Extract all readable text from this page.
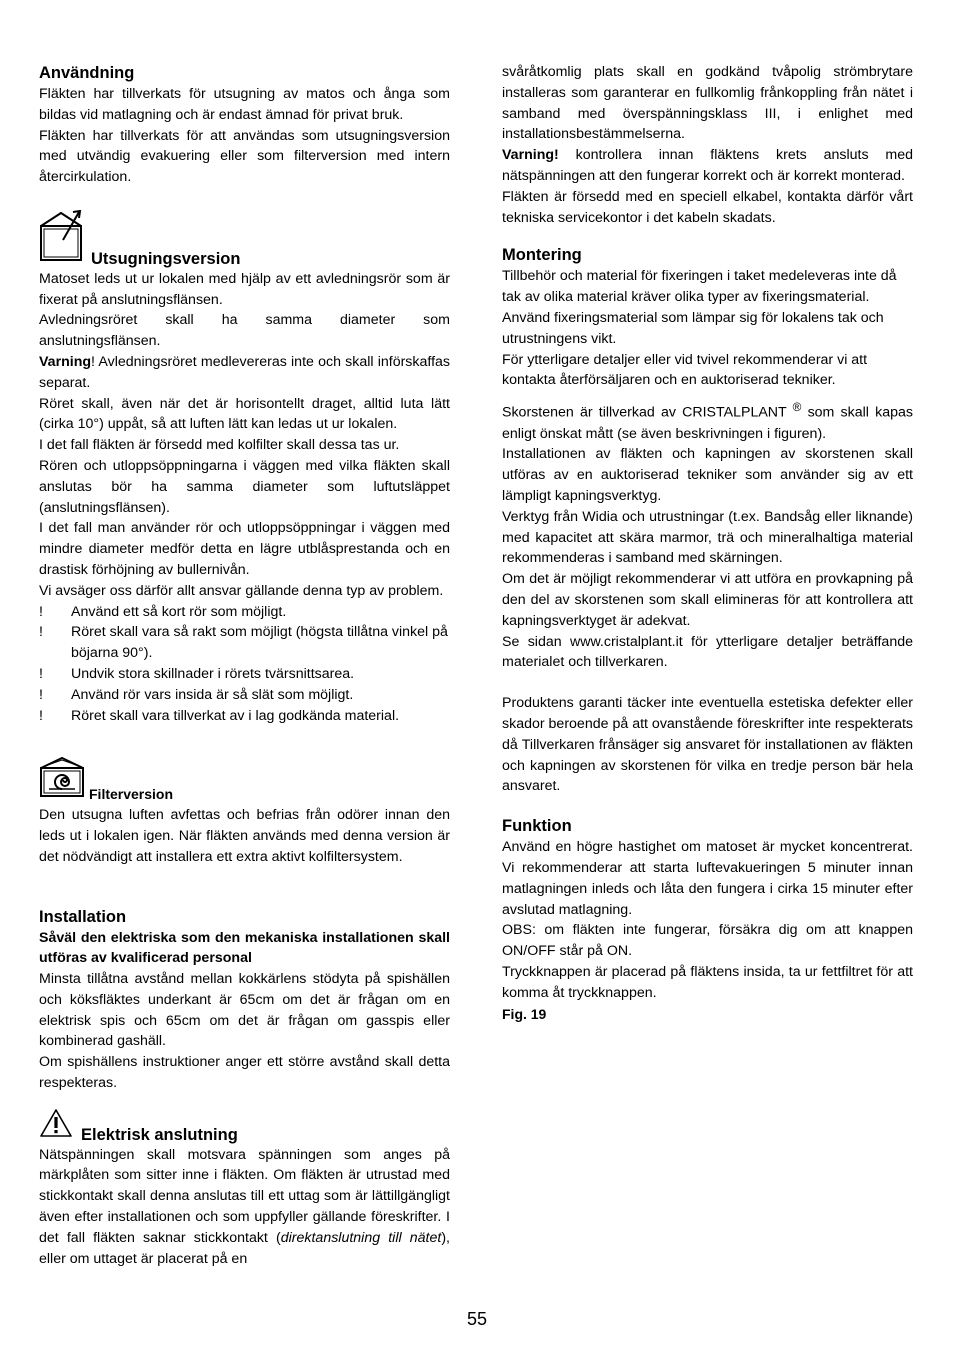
Användning

Fläkten har tillverkats för utsugning av matos och ånga som bildas vid matlagning och är endast ämnad för privat bruk.

Fläkten har tillverkats för att användas som utsugningsversion med utvändig evakuering eller som filterversion med intern återcirkulation.

Utsugningsversion

Matoset leds ut ur lokalen med hjälp av ett avledningsrör som är fixerat på anslutningsflänsen.

Avledningsröret skall ha samma diameter som anslutningsflänsen.

Varning! Avledningsröret medlevereras inte och skall införskaffas separat.

Röret skall, även när det är horisontellt draget, alltid luta lätt (cirka 10°) uppåt, så att luften lätt kan ledas ut ur lokalen.

I det fall fläkten är försedd med kolfilter skall dessa tas ur.

Rören och utloppsöppningarna i väggen med vilka fläkten skall anslutas bör ha samma diameter som luftutsläppet (anslutningsflänsen).

I det fall man använder rör och utloppsöppningar i väggen med mindre diameter medför detta en lägre utblåsprestanda och en drastisk förhöjning av bullernivån.

Vi avsäger oss därför allt ansvar gällande denna typ av problem.

!	Använd ett så kort rör som möjligt.
!	Röret skall vara så rakt som möjligt (högsta tillåtna vinkel på böjarna 90°).
!	Undvik stora skillnader i rörets tvärsnittsarea.
!	Använd rör vars insida är så slät som möjligt.
!	Röret skall vara tillverkat av i lag godkända material.

Filterversion

Den utsugna luften avfettas och befrias från odörer innan den leds ut i lokalen igen. När fläkten används med denna version är det nödvändigt att installera ett extra aktivt kolfiltersystem.

Installation

Såväl den elektriska som den mekaniska installationen skall utföras av kvalificerad personal

Minsta tillåtna avstånd mellan kokkärlens stödyta på spishällen och köksfläktes underkant är 65cm om det är frågan om en elektrisk spis och 65cm om det är frågan om gasspis eller kombinerad gashäll.

Om spishällens instruktioner anger ett större avstånd skall detta respekteras.

Elektrisk anslutning

Nätspänningen skall motsvara spänningen som anges på märkplåten som sitter inne i fläkten. Om fläkten är utrustad med stickkontakt skall denna anslutas till ett uttag som är lättillgängligt även efter installationen och som uppfyller gällande föreskrifter. I det fall fläkten saknar stickkontakt (direktanslutning till nätet), eller om uttaget är placerat på en

svåråtkomlig plats skall en godkänd tvåpolig strömbrytare installeras som garanterar en fullkomlig frånkoppling från nätet i samband med överspänningsklass III, i enlighet med installationsbestämmelserna.

Varning! kontrollera innan fläktens krets ansluts med nätspänningen att den fungerar korrekt och är korrekt monterad.

Fläkten är försedd med en speciell elkabel, kontakta därför vårt tekniska servicekontor i det kabeln skadats.

Montering

Tillbehör och material för fixeringen i taket medeleveras inte då tak av olika material kräver olika typer av fixeringsmaterial. Använd fixeringsmaterial som lämpar sig för lokalens tak och utrustningens vikt.

För ytterligare detaljer eller vid tvivel rekommenderar vi att kontakta återförsäljaren och en auktoriserad tekniker.

Skorstenen är tillverkad av CRISTALPLANT ® som skall kapas enligt önskat mått (se även beskrivningen i figuren).

Installationen av fläkten och kapningen av skorstenen skall utföras av en auktoriserad tekniker som använder sig av ett lämpligt kapningsverktyg.

Verktyg från Widia och utrustningar (t.ex. Bandsåg eller liknande) med kapacitet att skära marmor, trä och mineralhaltiga material rekommenderas i samband med skärningen.

Om det är möjligt rekommenderar vi att utföra en provkapning på den del av skorstenen som skall elimineras för att kontrollera att kapningsverktyget är adekvat.

Se sidan www.cristalplant.it för ytterligare detaljer beträffande materialet och tillverkaren.

Produktens garanti täcker inte eventuella estetiska defekter eller skador beroende på att ovanstående föreskrifter inte respekterats då Tillverkaren frånsäger sig ansvaret för installationen av fläkten och kapningen av skorstenen för vilka en tredje person bär hela ansvaret.

Funktion

Använd en högre hastighet om matoset är mycket koncentrerat. Vi rekommenderar att starta luftevakueringen 5 minuter innan matlagningen inleds och låta den fungera i cirka 15 minuter efter avslutad matlagning.

OBS: om fläkten inte fungerar, försäkra dig om att knappen ON/OFF står på ON.

Tryckknappen är placerad på fläktens insida, ta ur fettfiltret för att komma åt tryckknappen.

Fig. 19

55
